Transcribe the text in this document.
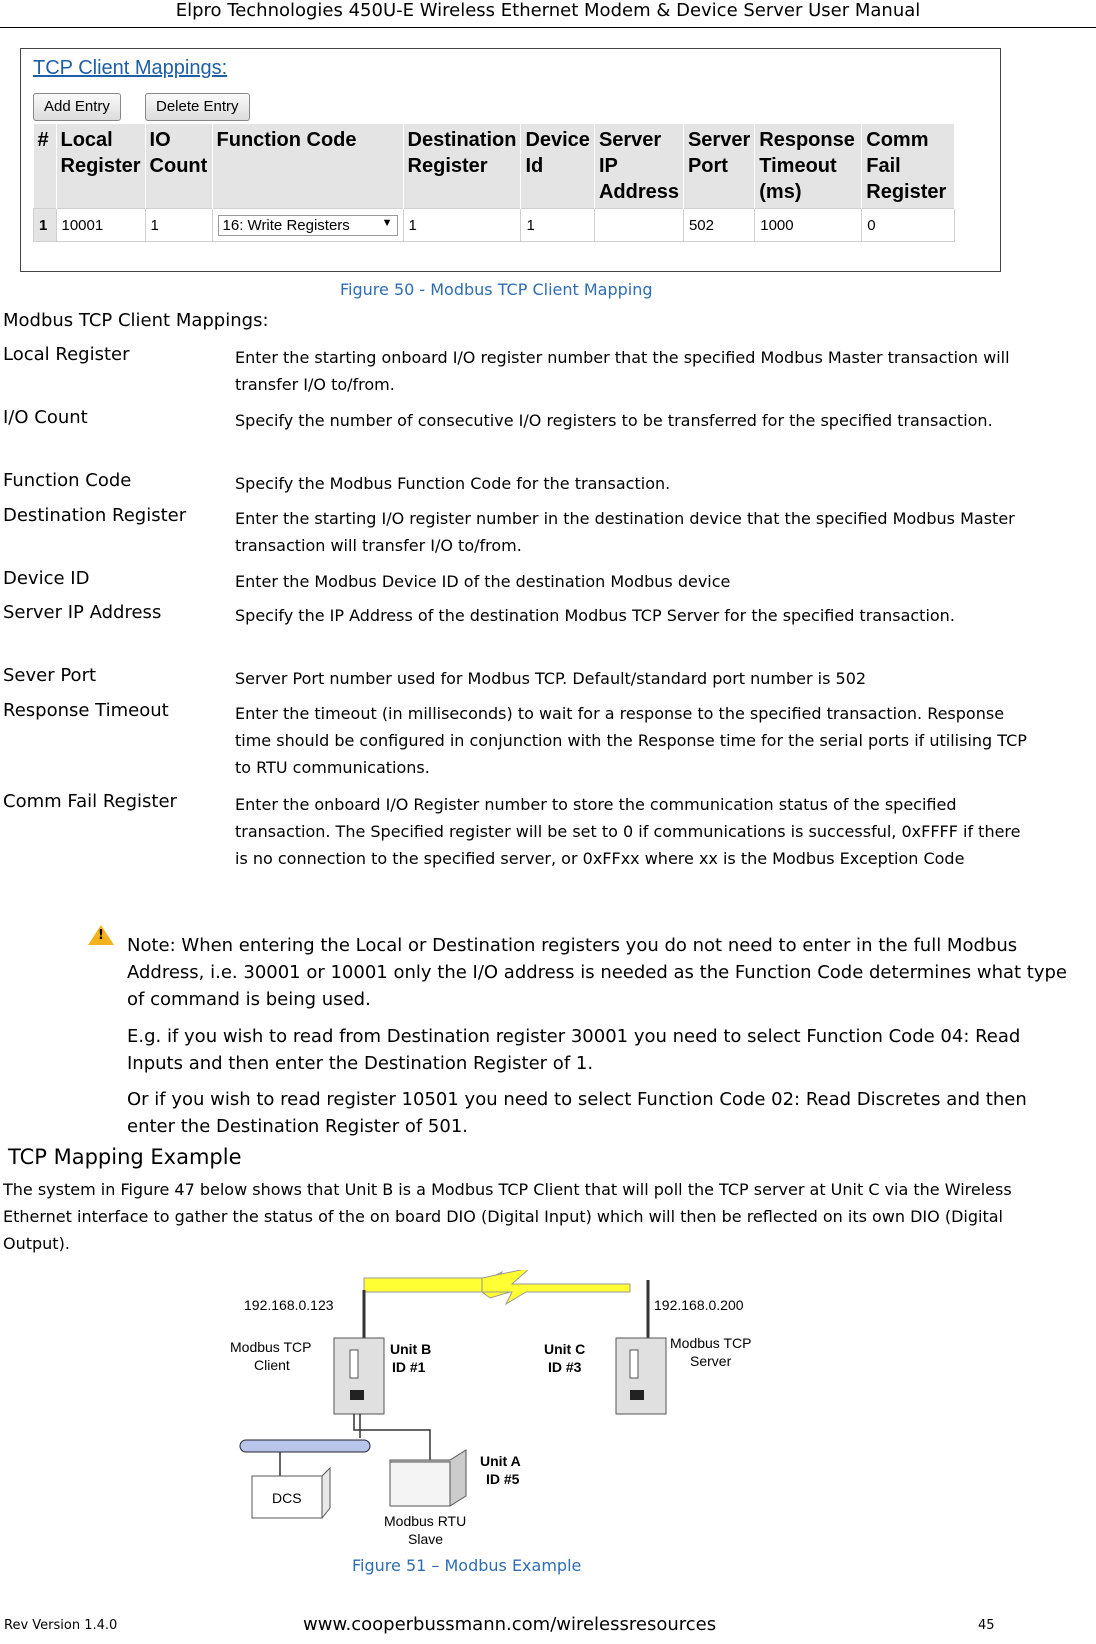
Elpro Technologies 450U-E Wireless Ethernet Modem & Device Server User Manual
TCP Client Mappings:
Add Entry	Delete Entry
#	Local Register	IO Count	Function Code	Destination Register	Device Id	Server IP Address	Server Port	Response Timeout (ms)	Comm Fail Register
1	10001	1	16: Write Registers ▼	1	1		502	1000	0
Figure 50 - Modbus TCP Client Mapping
Modbus TCP Client Mappings:
Local Register	Enter the starting onboard I/O register number that the specified Modbus Master transaction will transfer I/O to/from.
I/O Count	Specify the number of consecutive I/O registers to be transferred for the specified transaction.
Function Code	Specify the Modbus Function Code for the transaction.
Destination Register	Enter the starting I/O register number in the destination device that the specified Modbus Master transaction will transfer I/O to/from.
Device ID	Enter the Modbus Device ID of the destination Modbus device
Server IP Address	Specify the IP Address of the destination Modbus TCP Server for the specified transaction.
Sever Port	Server Port number used for Modbus TCP. Default/standard port number is 502
Response Timeout	Enter the timeout (in milliseconds) to wait for a response to the specified transaction. Response time should be configured in conjunction with the Response time for the serial ports if utilising TCP to RTU communications.
Comm Fail Register	Enter the onboard I/O Register number to store the communication status of the specified transaction. The Specified register will be set to 0 if communications is successful, 0xFFFF if there is no connection to the specified server, or 0xFFxx where xx is the Modbus Exception Code
! Note: When entering the Local or Destination registers you do not need to enter in the full Modbus Address, i.e. 30001 or 10001 only the I/O address is needed as the Function Code determines what type of command is being used.
E.g. if you wish to read from Destination register 30001 you need to select Function Code 04: Read Inputs and then enter the Destination Register of 1.
Or if you wish to read register 10501 you need to select Function Code 02: Read Discretes and then enter the Destination Register of 501.
TCP Mapping Example
The system in Figure 47 below shows that Unit B is a Modbus TCP Client that will poll the TCP server at Unit C via the Wireless Ethernet interface to gather the status of the on board DIO (Digital Input) which will then be reflected on its own DIO (Digital Output).
192.168.0.123	192.168.0.200
Modbus TCP
Client
Unit B
ID #1
Unit C
ID #3
Modbus TCP
Server
Unit A
ID #5
DCS
Modbus RTU
Slave
Figure 51 – Modbus Example
Rev Version 1.4.0	www.cooperbussmann.com/wirelessresources	45
